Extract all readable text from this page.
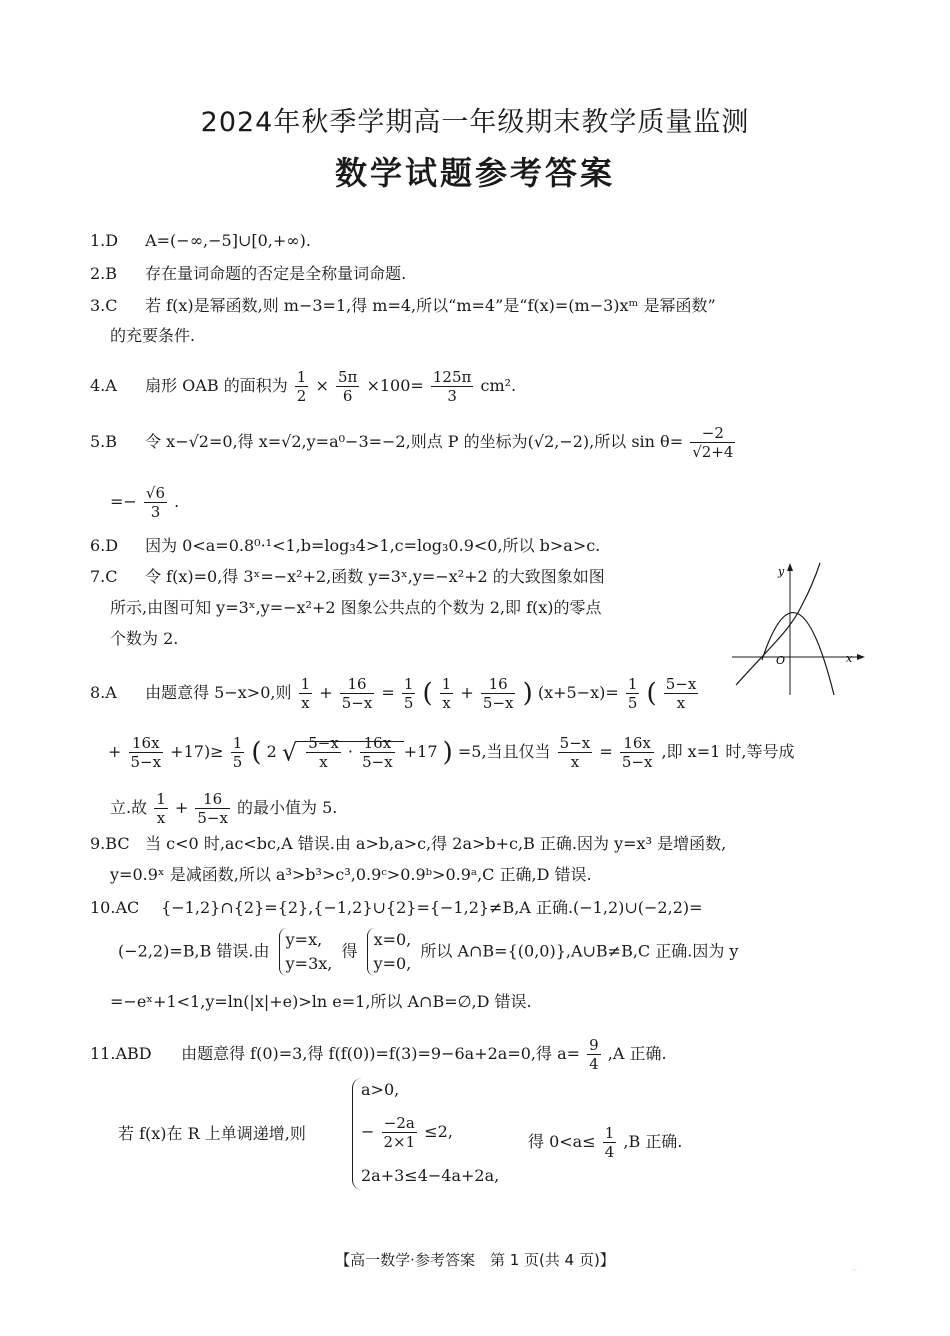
2024年秋季学期高一年级期末教学质量监测
数学试题参考答案
1.D A=(−∞,−5]∪[0,+∞).
2.B 存在量词命题的否定是全称量词命题.
3.C 若 f(x)是幂函数,则 m−3=1,得 m=4,所以“m=4”是“f(x)=(m−3)xᵐ 是幂函数”
的充要条件.
4.A 扇形 OAB 的面积为 $\frac{1}{2} \times \frac{5\pi}{6} \times 100= \frac{125\pi}{3} cm^2$.
5.B 令 x−√2=0,得 x=√2,y=a⁰−3=−2,则点 P 的坐标为(√2,−2),所以 $\sin \theta= \frac{-2}{√2+4}$
=− $\frac{√6}{3}$ .
6.D 因为 0<a=0.8⁰·¹<1,b=log₃4>1,c=log₃0.9<0,所以 b>a>c.
7.C 令 f(x)=0,得 3ˣ=−x²+2,函数 y=3ˣ,y=−x²+2 的大致图象如图
所示,由图可知 y=3ˣ,y=−x²+2 图象公共点的个数为 2,即 f(x)的零点
个数为 2.
y
x
O
8.A 由题意得 5−x>0,则 $\frac{1}{x} + \frac{16}{5-x} = \frac{1}{5}$ ( $\frac{1}{x} + \frac{16}{5-x}$ ) $(x+5-x)= \frac{1}{5}$ ( $\frac{5-x}{x}$
+ $\frac{16x}{5-x} +17)\ge \frac{1}{5}$ ( 2 √ $\frac{5-x}{x} \cdot \frac{16x}{5-x} +17$ ) =5,当且仅当 $\frac{5-x}{x} = \frac{16x}{5-x}$ ,即 x=1 时,等号成
立.故 $\frac{1}{x} + \frac{16}{5-x}$ 的最小值为 5.
9.BC 当 c<0 时,ac<bc,A 错误.由 a>b,a>c,得 2a>b+c,B 正确.因为 y=x³ 是增函数,
y=0.9ˣ 是减函数,所以 a³>b³>c³,0.9ᶜ>0.9ᵇ>0.9ᵃ,C 正确,D 错误.
10.AC {−1,2}∩{2}={2},{−1,2}∪{2}={−1,2}≠B,A 正确.(−1,2)∪(−2,2)=
(−2,2)=B,B 错误.由
y=x,
y=3x,
得
x=0,
y=0,
所以 A∩B={(0,0)},A∪B≠B,C 正确.因为 y
=−eˣ+1<1,y=ln(|x|+e)>ln e=1,所以 A∩B=∅,D 错误.
11.ABD 由题意得 f(0)=3,得 f(f(0))=f(3)=9−6a+2a=0,得 $a= \frac{9}{4} ,A$ 正确.
若 f(x)在 R 上单调递增,则
a>0,
− $\frac{-2a}{2\times 1} \le 2$,
2a+3≤4−4a+2a,
得 $0<a\le \frac{1}{4} ,B$ 正确.
【高一数学·参考答案　第 1 页(共 4 页)】
··
